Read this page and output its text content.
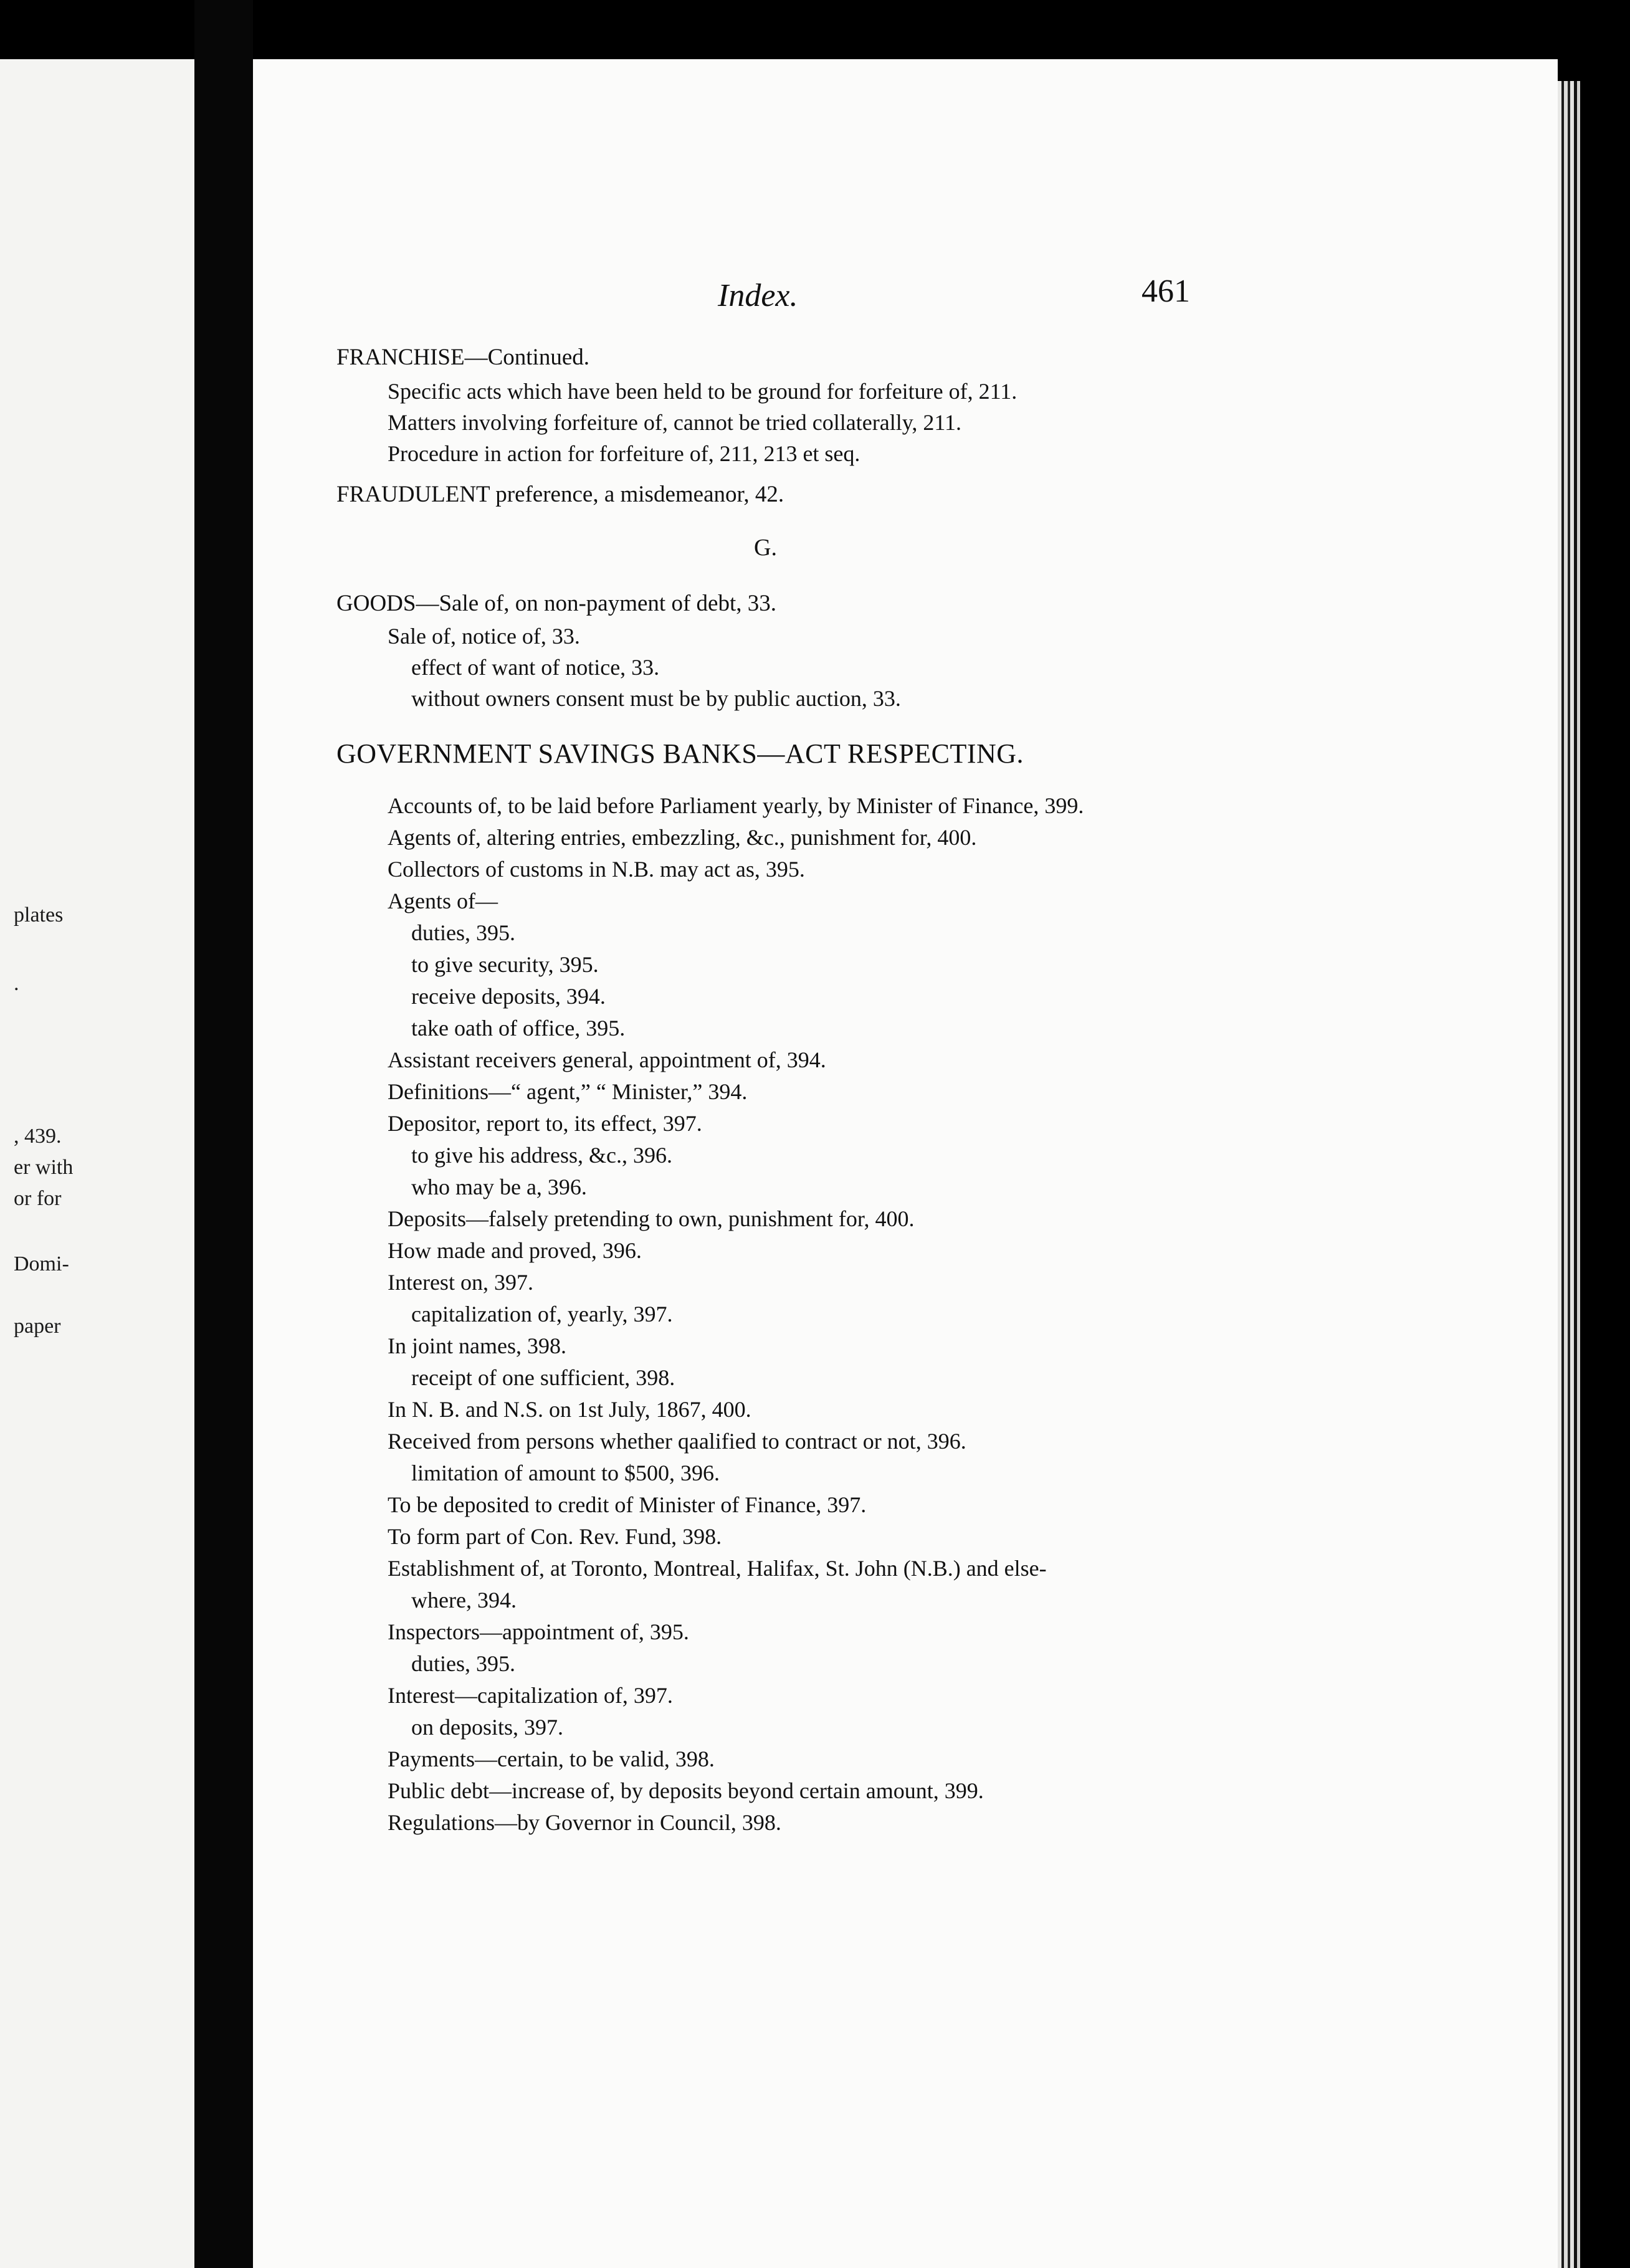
plates
.
, 439.
er with
or for
Domi-
paper
Index.	461
FRANCHISE—Continued.
Specific acts which have been held to be ground for forfeiture of, 211.
Matters involving forfeiture of, cannot be tried collaterally, 211.
Procedure in action for forfeiture of, 211, 213 et seq.
FRAUDULENT preference, a misdemeanor, 42.
G.
GOODS—Sale of, on non-payment of debt, 33.
Sale of, notice of, 33.
effect of want of notice, 33.
without owners consent must be by public auction, 33.
GOVERNMENT SAVINGS BANKS—ACT RESPECTING.
Accounts of, to be laid before Parliament yearly, by Minister of Finance, 399.
Agents of, altering entries, embezzling, &c., punishment for, 400.
Collectors of customs in N.B. may act as, 395.
Agents of—
duties, 395.
to give security, 395.
receive deposits, 394.
take oath of office, 395.
Assistant receivers general, appointment of, 394.
Definitions—“ agent,” “ Minister,” 394.
Depositor, report to, its effect, 397.
to give his address, &c., 396.
who may be a, 396.
Deposits—falsely pretending to own, punishment for, 400.
How made and proved, 396.
Interest on, 397.
capitalization of, yearly, 397.
In joint names, 398.
receipt of one sufficient, 398.
In N. B. and N.S. on 1st July, 1867, 400.
Received from persons whether qaalified to contract or not, 396.
limitation of amount to $500, 396.
To be deposited to credit of Minister of Finance, 397.
To form part of Con. Rev. Fund, 398.
Establishment of, at Toronto, Montreal, Halifax, St. John (N.B.) and else-
where, 394.
Inspectors—appointment of, 395.
duties, 395.
Interest—capitalization of, 397.
on deposits, 397.
Payments—certain, to be valid, 398.
Public debt—increase of, by deposits beyond certain amount, 399.
Regulations—by Governor in Council, 398.
